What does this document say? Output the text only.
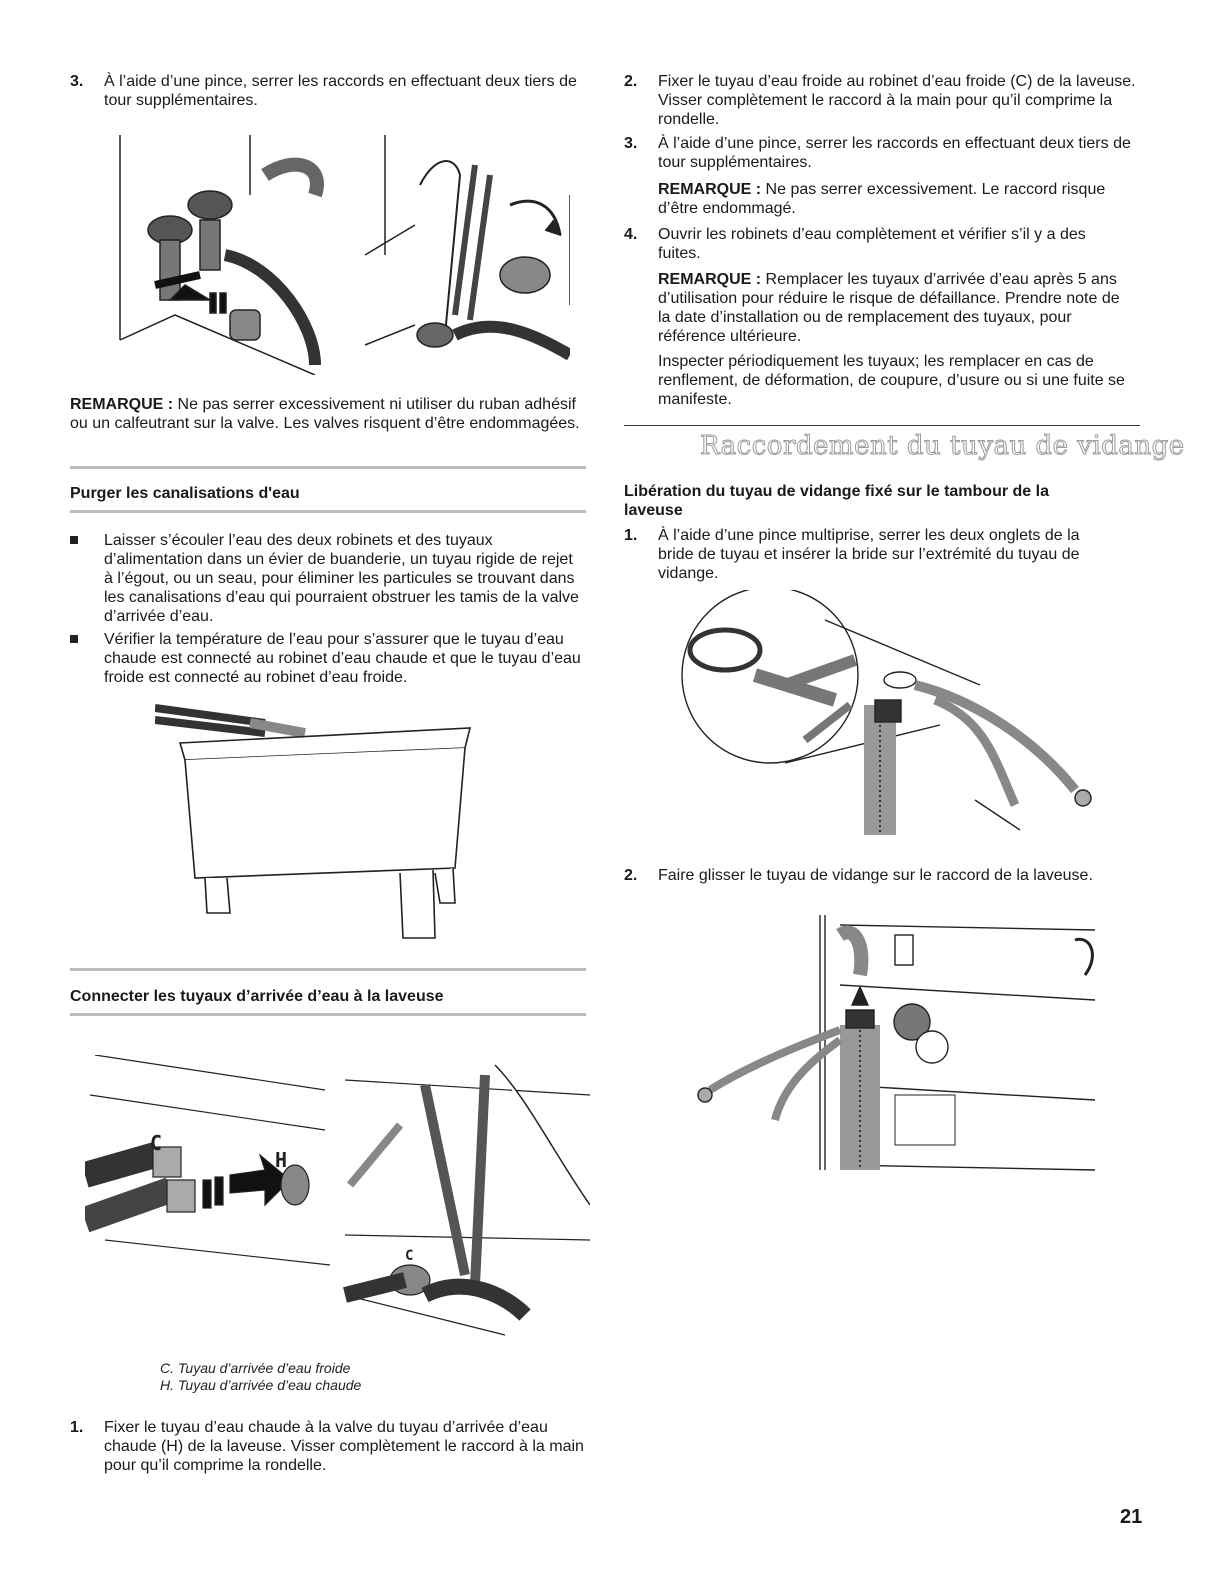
3. À l’aide d’une pince, serrer les raccords en effectuant deux tiers de tour supplémentaires.
REMARQUE : Ne pas serrer excessivement ni utiliser du ruban adhésif ou un calfeutrant sur la valve. Les valves risquent d’être endommagées.
Purger les canalisations d'eau
Laisser s’écouler l’eau des deux robinets et des tuyaux d’alimentation dans un évier de buanderie, un tuyau rigide de rejet à l’égout, ou un seau, pour éliminer les particules se trouvant dans les canalisations d’eau qui pourraient obstruer les tamis de la valve d’arrivée d’eau.
Vérifier la température de l’eau pour s’assurer que le tuyau d’eau chaude est connecté au robinet d’eau chaude et que le tuyau d’eau froide est connecté au robinet d’eau froide.
Connecter les tuyaux d’arrivée d’eau à la laveuse
C
H
C
C. Tuyau d’arrivée d’eau froide
H. Tuyau d’arrivée d’eau chaude
1. Fixer le tuyau d’eau chaude à la valve du tuyau d’arrivée d’eau chaude (H) de la laveuse. Visser complètement le raccord à la main pour qu’il comprime la rondelle.
2. Fixer le tuyau d’eau froide au robinet d’eau froide (C) de la laveuse. Visser complètement le raccord à la main pour qu’il comprime la rondelle.
3. À l’aide d’une pince, serrer les raccords en effectuant deux tiers de tour supplémentaires.
REMARQUE : Ne pas serrer excessivement. Le raccord risque d’être endommagé.
4. Ouvrir les robinets d’eau complètement et vérifier s’il y a des fuites.
REMARQUE : Remplacer les tuyaux d’arrivée d’eau après 5 ans d’utilisation pour réduire le risque de défaillance. Prendre note de la date d’installation ou de remplacement des tuyaux, pour référence ultérieure.
Inspecter périodiquement les tuyaux; les remplacer en cas de renflement, de déformation, de coupure, d’usure ou si une fuite se manifeste.
Raccordement du tuyau de vidange
Libération du tuyau de vidange fixé sur le tambour de la laveuse
1. À l’aide d’une pince multiprise, serrer les deux onglets de la bride de tuyau et insérer la bride sur l’extrémité du tuyau de vidange.
2. Faire glisser le tuyau de vidange sur le raccord de la laveuse.
21
